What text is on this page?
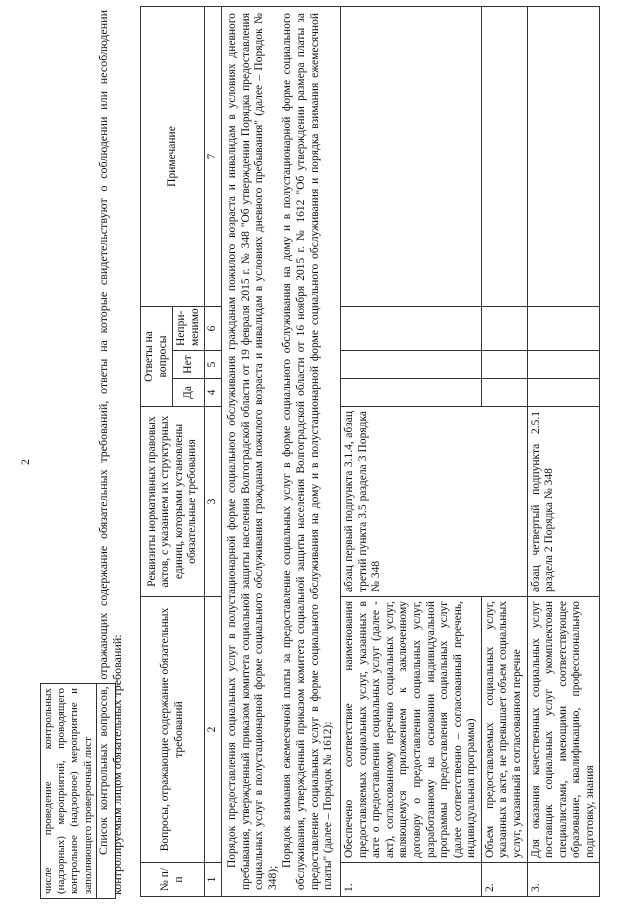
2
числе проведение контрольных (надзорных) мероприятий, проводящего контрольное (надзорное) мероприятие и заполняющего проверочный лист Список контрольных вопросов, отражающих содержание обязательных требований, ответы на которые свидетельствуют о соблюдении или несоблюдении контролируемым лицом обязательных требований:	№ п/п	Вопросы, отражающие содержание обязательных требований	Реквизиты нормативных правовых актов, с указанием их структурных единиц, которыми установлены обязательные требования	Ответы на вопросы			Примечание
			Да	Нет	Непри-менимо	
1	2	3	4	5	6	7

Порядок предоставления социальных услуг в полустационарной форме социального обслуживания гражданам пожилого возраста и инвалидам в условиях дневного пребывания, утвержденный приказом комитета социальной защиты населения Волгоградской области от 19 февраля 2015 г. № 348 "Об утверждении Порядка предоставления социальных услуг в полустационарной форме социального обслуживания гражданам пожилого возраста и инвалидам в условиях дневного пребывания" (далее – Порядок № 348);

Порядок взимания ежемесячной платы за предоставление социальных услуг в форме социального обслуживания на дому и в полустационарной форме социального обслуживания, утвержденный приказом комитета социальной защиты населения Волгоградской области от 16 ноября 2015 г. № 1612 "Об утверждении размера платы за предоставление социальных услуг в форме социального обслуживания на дому и в полустационарной форме социального обслуживания и порядка взимания ежемесячной платы" (далее – Порядок № 1612):						

1.	Обеспечено соответствие наименования предоставляемых социальных услуг, указанных в акте о предоставлении социальных услуг (далее - акт), согласованному перечню социальных услуг, являющемуся приложением к заключенному договору о предоставлении социальных услуг, разработанному на основании индивидуальной программы предоставления социальных услуг (далее соответственно – согласованный перечень, индивидуальная программа)	абзац первый подпункта 3.1.4, абзац третий пункта 3.5 раздела 3 Порядка № 348				
2.	Объем предоставляемых социальных услуг, указанных в акте, не превышает объем социальных услуг, указанный в согласованном перечне					
3.	Для оказания качественных социальных услуг поставщик социальных услуг укомплектован специалистами, имеющими соответствующее образование, квалификацию, профессиональную подготовку, знания	абзац четвертый подпункта 2.5.1 раздела 2 Порядка № 348				
